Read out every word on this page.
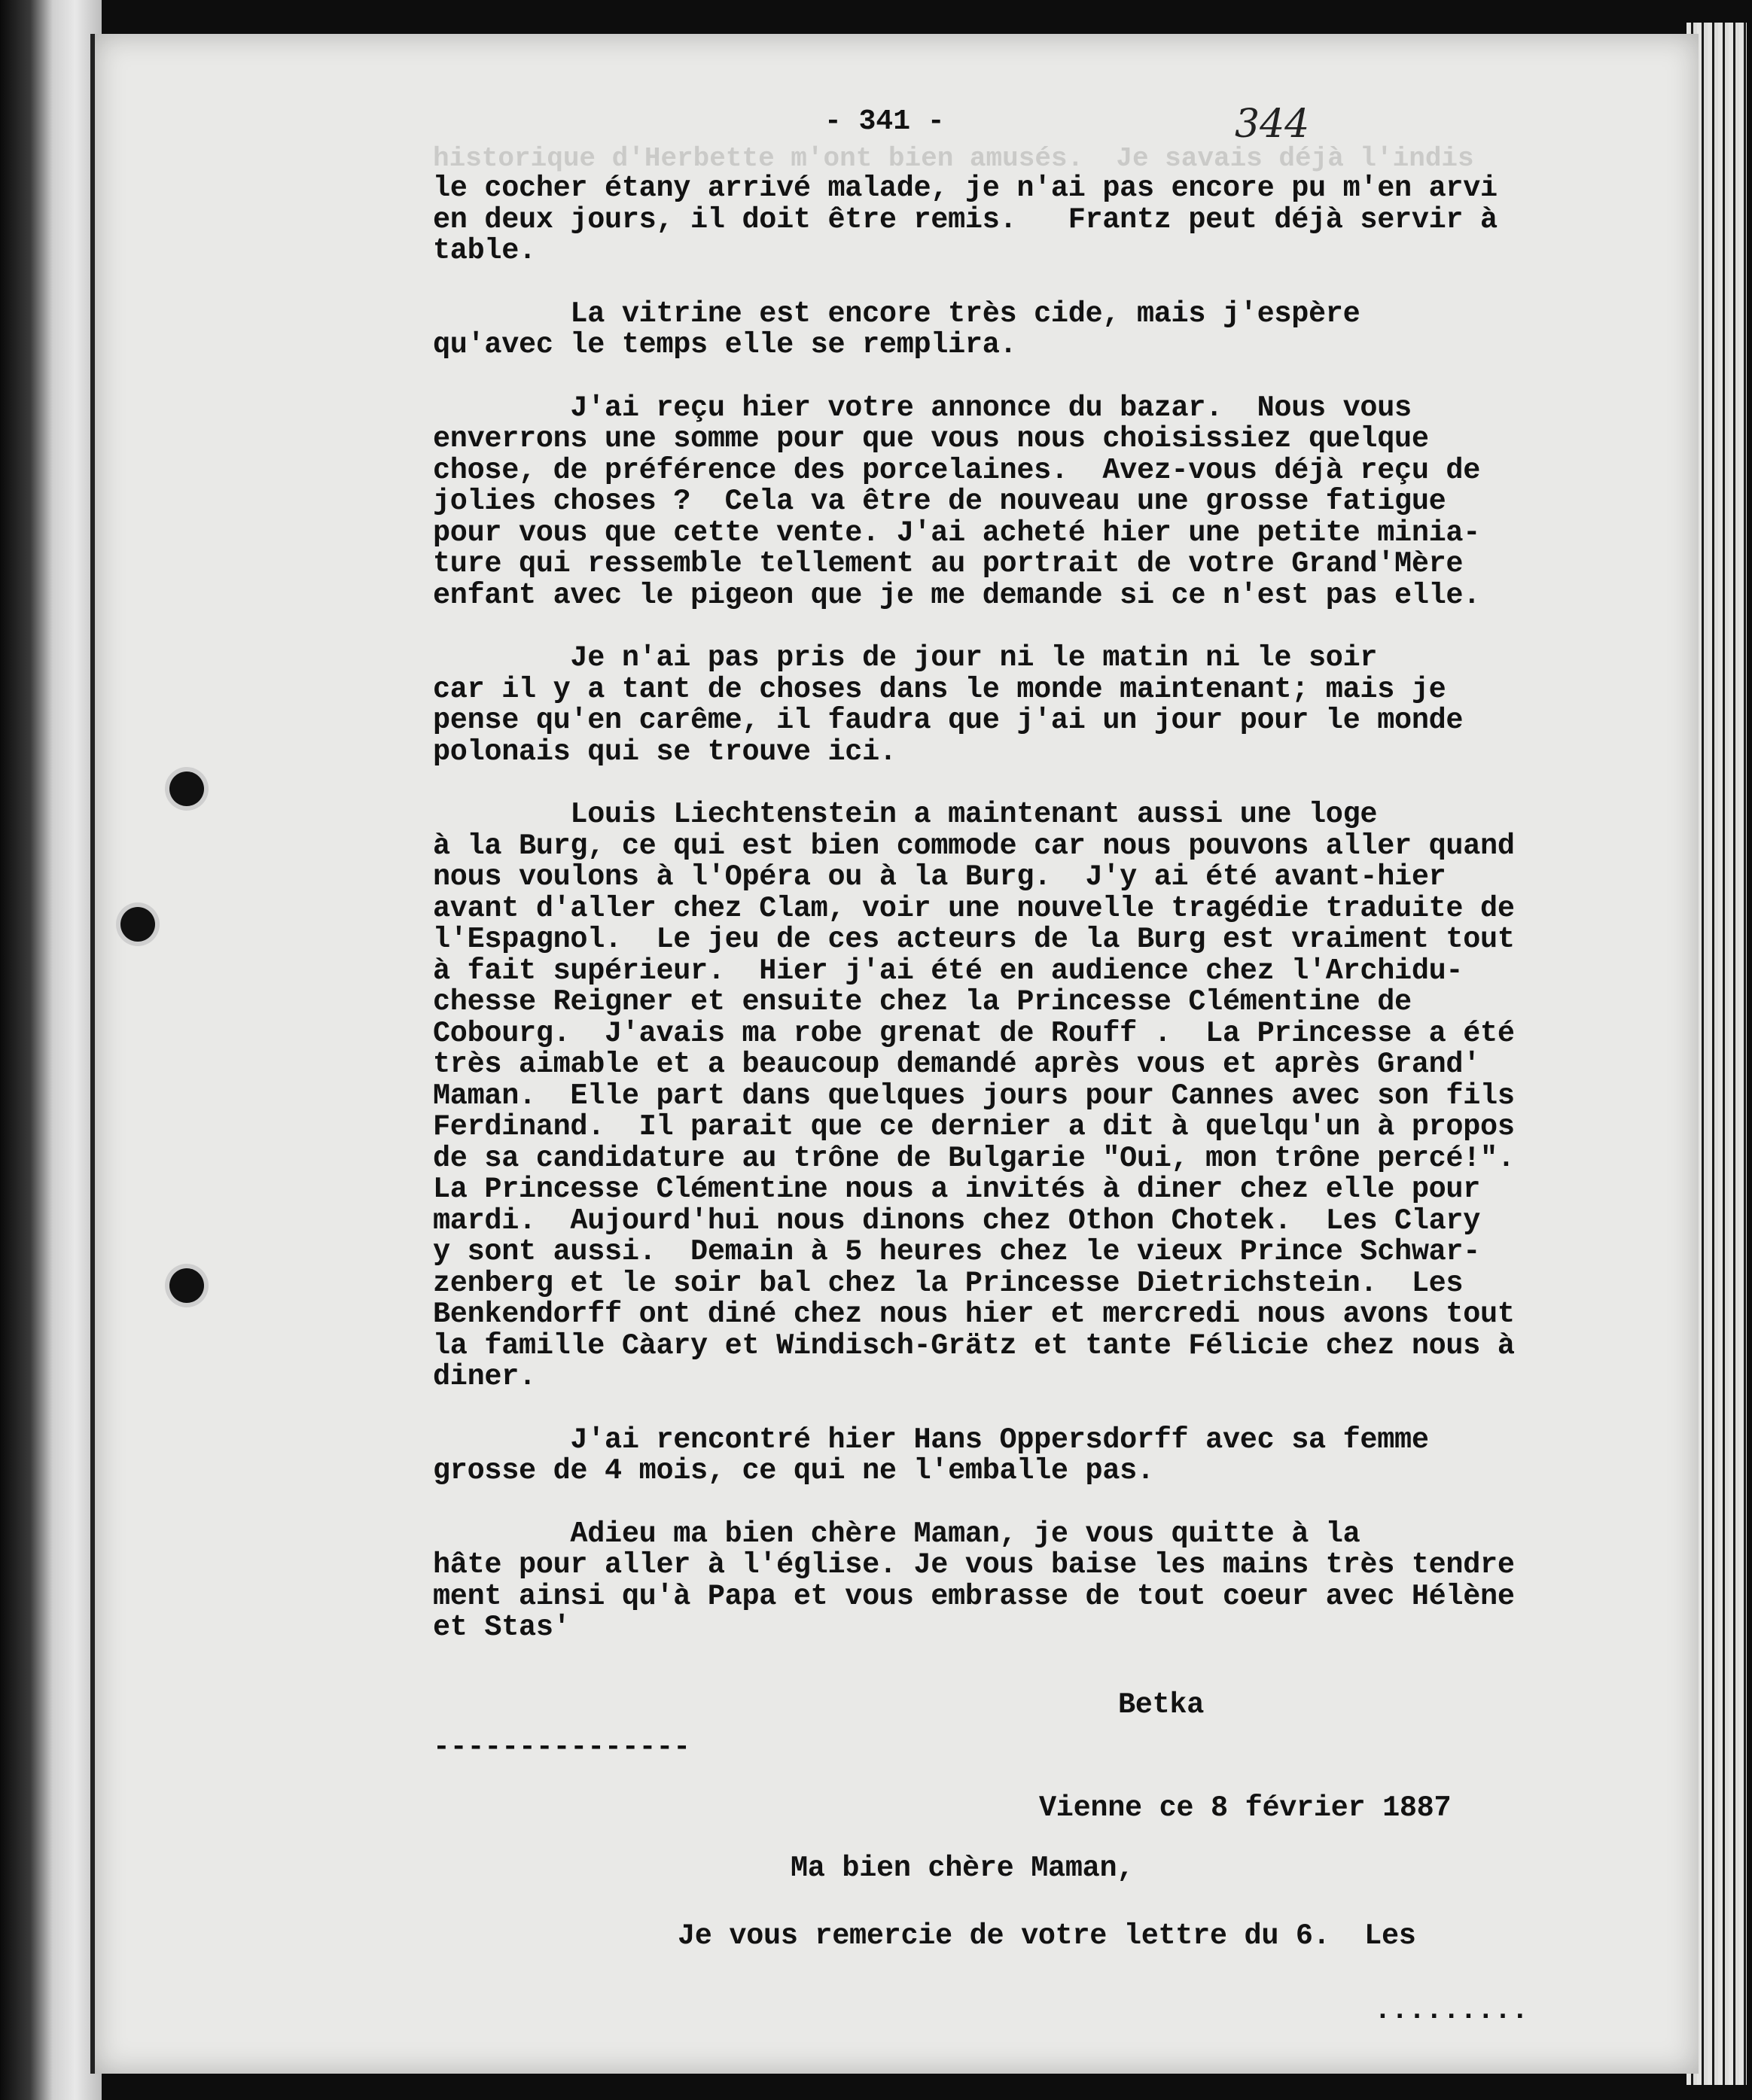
historique d'Herbette m'ont bien amusés.  Je savais déjà l'indis
- 341 -	344
le cocher étany arrivé malade, je n'ai pas encore pu m'en arvi
en deux jours, il doit être remis.   Frantz peut déjà servir à
table.
La vitrine est encore très cide, mais j'espère
qu'avec le temps elle se remplira.
J'ai reçu hier votre annonce du bazar.  Nous vous
enverrons une somme pour que vous nous choisissiez quelque
chose, de préférence des porcelaines.  Avez-vous déjà reçu de
jolies choses ?  Cela va être de nouveau une grosse fatigue
pour vous que cette vente. J'ai acheté hier une petite minia-
ture qui ressemble tellement au portrait de votre Grand'Mère
enfant avec le pigeon que je me demande si ce n'est pas elle.
Je n'ai pas pris de jour ni le matin ni le soir
car il y a tant de choses dans le monde maintenant; mais je
pense qu'en carême, il faudra que j'ai un jour pour le monde
polonais qui se trouve ici.
Louis Liechtenstein a maintenant aussi une loge
à la Burg, ce qui est bien commode car nous pouvons aller quand
nous voulons à l'Opéra ou à la Burg.  J'y ai été avant-hier
avant d'aller chez Clam, voir une nouvelle tragédie traduite de
l'Espagnol.  Le jeu de ces acteurs de la Burg est vraiment tout
à fait supérieur.  Hier j'ai été en audience chez l'Archidu-
chesse Reigner et ensuite chez la Princesse Clémentine de
Cobourg.  J'avais ma robe grenat de Rouff .  La Princesse a été
très aimable et a beaucoup demandé après vous et après Grand'
Maman.  Elle part dans quelques jours pour Cannes avec son fils
Ferdinand.  Il parait que ce dernier a dit à quelqu'un à propos
de sa candidature au trône de Bulgarie "Oui, mon trône percé!".
La Princesse Clémentine nous a invités à diner chez elle pour
mardi.  Aujourd'hui nous dinons chez Othon Chotek.  Les Clary
y sont aussi.  Demain à 5 heures chez le vieux Prince Schwar-
zenberg et le soir bal chez la Princesse Dietrichstein.  Les
Benkendorff ont diné chez nous hier et mercredi nous avons tout
la famille Càary et Windisch-Grätz et tante Félicie chez nous à
diner.
J'ai rencontré hier Hans Oppersdorff avec sa femme
grosse de 4 mois, ce qui ne l'emballe pas.
Adieu ma bien chère Maman, je vous quitte à la
hâte pour aller à l'église. Je vous baise les mains très tendre
ment ainsi qu'à Papa et vous embrasse de tout coeur avec Hélène
et Stas'
---------------
Betka
Vienne ce 8 février 1887
Ma bien chère Maman,
Je vous remercie de votre lettre du 6.  Les
.........
